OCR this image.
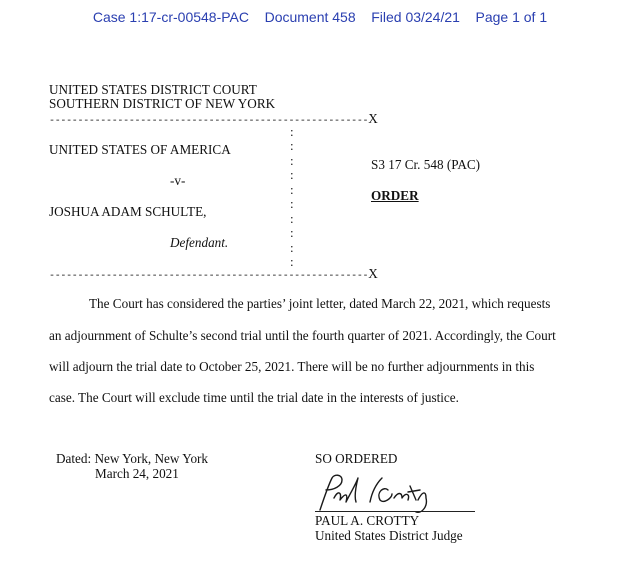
Case 1:17-cr-00548-PAC Document 458 Filed 03/24/21 Page 1 of 1
UNITED STATES DISTRICT COURT
SOUTHERN DISTRICT OF NEW YORK
--------------------------------------------------------X
:
:
:
:
:
:
:
:
:
:
UNITED STATES OF AMERICA
-v-
JOSHUA ADAM SCHULTE,
Defendant.
S3 17 Cr. 548 (PAC)
ORDER
--------------------------------------------------------X
The Court has considered the parties’ joint letter, dated March 22, 2021, which requests
an adjournment of Schulte’s second trial until the fourth quarter of 2021. Accordingly, the Court
will adjourn the trial date to October 25, 2021. There will be no further adjournments in this
case. The Court will exclude time until the trial date in the interests of justice.
Dated: New York, New York
March 24, 2021
SO ORDERED
PAUL A. CROTTY
United States District Judge
